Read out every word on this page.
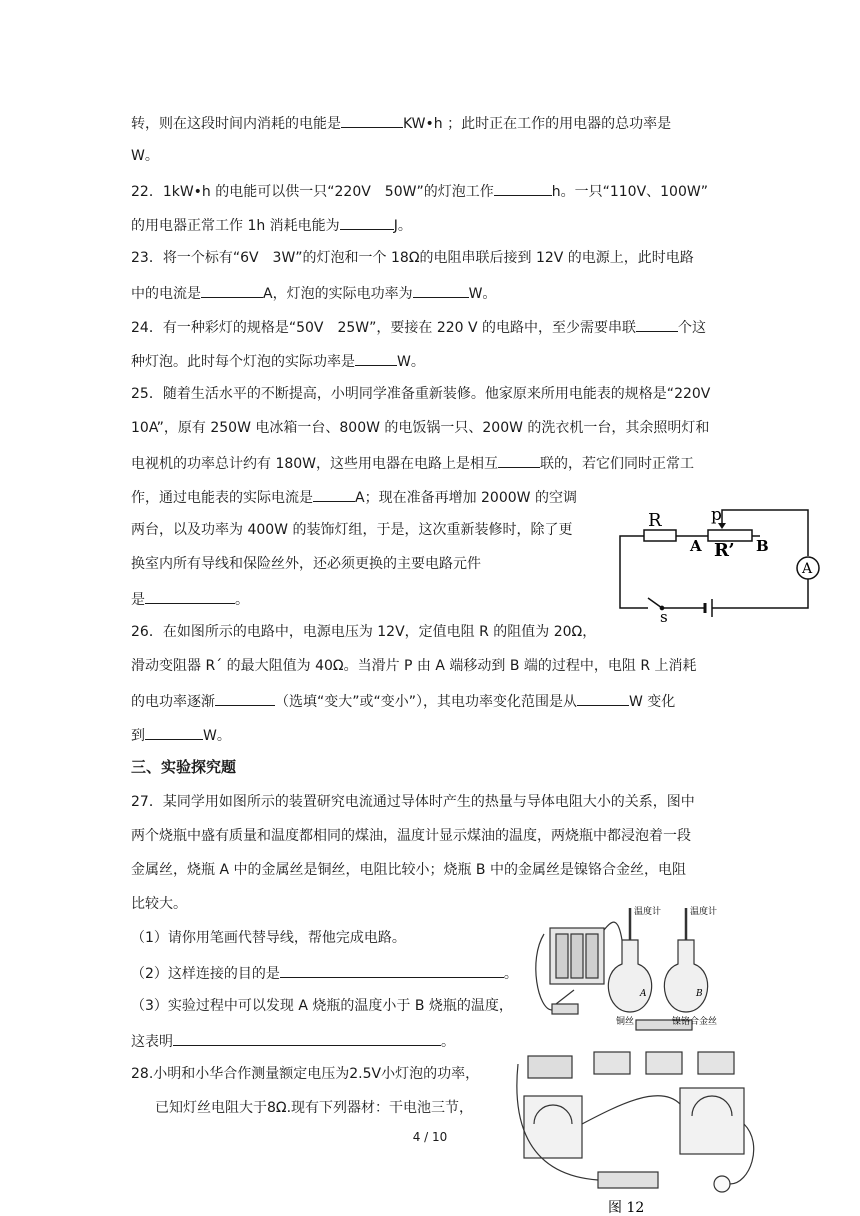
转，则在这段时间内消耗的电能是	KW•h ；此时正在工作的用电器的总功率是
W。
22．1kW•h 的电能可以供一只“220V　50W”的灯泡工作	h。一只“110V、100W”
的用电器正常工作 1h 消耗电能为	J。
23．将一个标有“6V　3W”的灯泡和一个 18Ω的电阻串联后接到 12V 的电源上，此时电路
中的电流是	A，灯泡的实际电功率为	W。
24．有一种彩灯的规格是“50V　25W”，要接在 220 V 的电路中，至少需要串联	个这
种灯泡。此时每个灯泡的实际功率是	W。
25．随着生活水平的不断提高，小明同学准备重新装修。他家原来所用电能表的规格是“220V
10A”，原有 250W 电冰箱一台、800W 的电饭锅一只、200W 的洗衣机一台，其余照明灯和
电视机的功率总计约有 180W，这些用电器在电路上是相互	联的，若它们同时正常工
作，通过电能表的实际电流是	A；现在准备再增加 2000W 的空调
两台，以及功率为 400W 的装饰灯组，于是，这次重新装修时，除了更
换室内所有导线和保险丝外，还必须更换的主要电路元件
是	。
26．在如图所示的电路中，电源电压为 12V，定值电阻 R 的阻值为 20Ω，
滑动变阻器 R´ 的最大阻值为 40Ω。当滑片 P 由 A 端移动到 B 端的过程中，电阻 R 上消耗
的电功率逐渐	（选填“变大”或“变小”），其电功率变化范围是从	W 变化
到	W。
三、实验探究题
27．某同学用如图所示的装置研究电流通过导体时产生的热量与导体电阻大小的关系，图中
两个烧瓶中盛有质量和温度都相同的煤油，温度计显示煤油的温度，两烧瓶中都浸泡着一段
金属丝，烧瓶 A 中的金属丝是铜丝，电阻比较小；烧瓶 B 中的金属丝是镍铬合金丝，电阻
比较大。
（1）请你用笔画代替导线，帮他完成电路。
（2）这样连接的目的是	。
（3）实验过程中可以发现 A 烧瓶的温度小于 B 烧瓶的温度，
这表明	。
28.小明和小华合作测量额定电压为2.5V小灯泡的功率，
已知灯丝电阻大于8Ω.现有下列器材：干电池三节，
4 / 10
R	p
A R’ B
A
s
温度计	温度计
A	B
铜丝	镍铬合金丝
图 12
